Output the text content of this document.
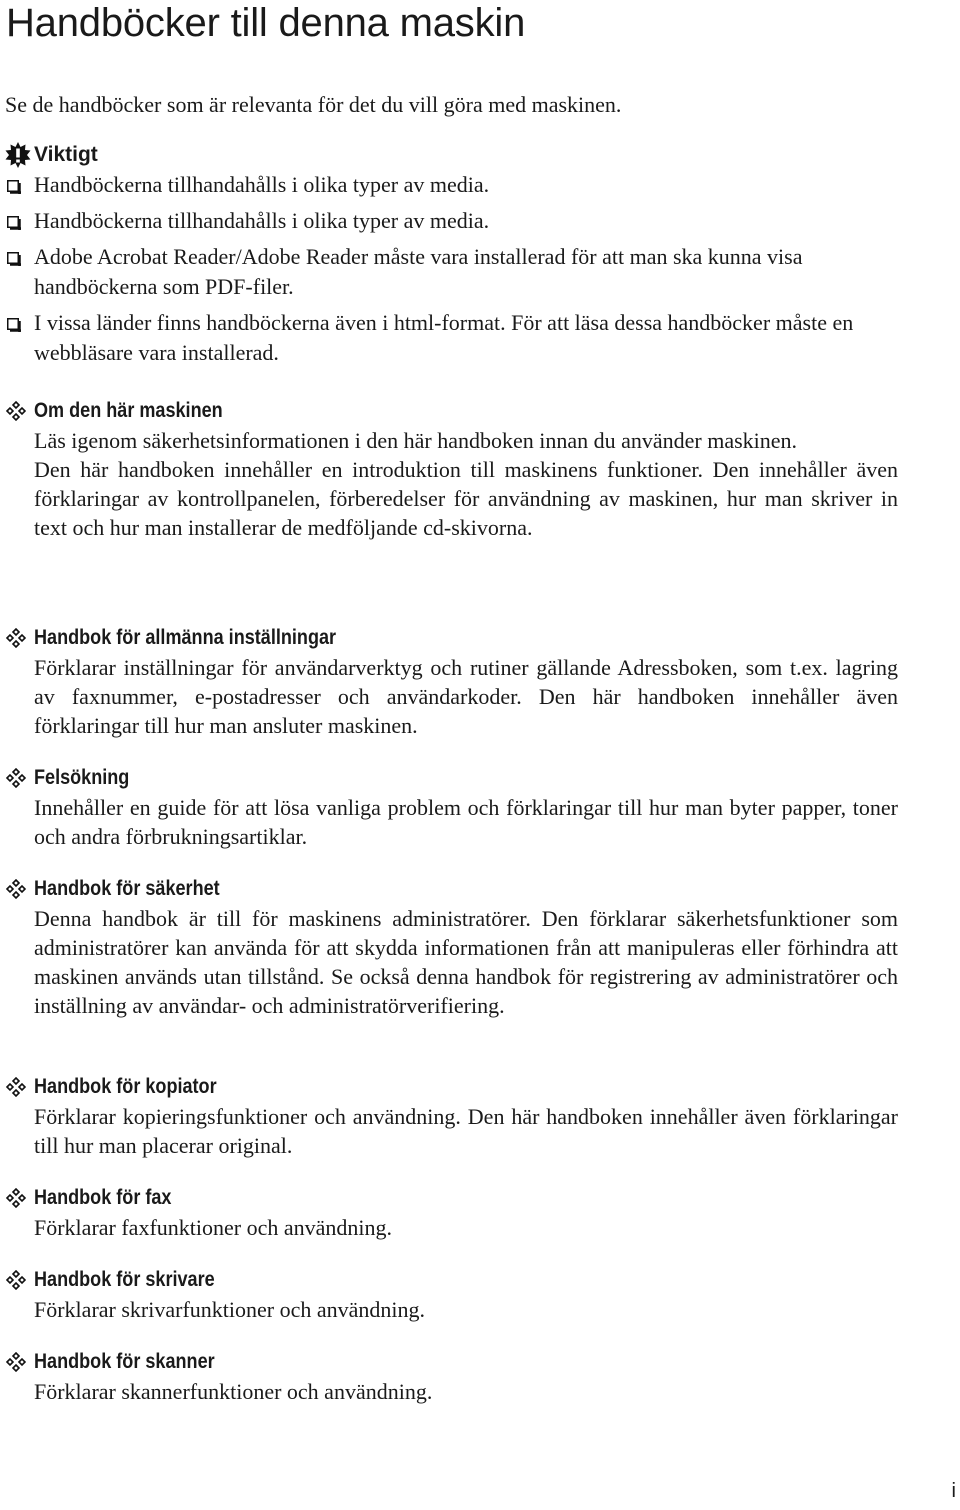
Handböcker till denna maskin
Se de handböcker som är relevanta för det du vill göra med maskinen.
Viktigt
Handböckerna tillhandahålls i olika typer av media.
Handböckerna tillhandahålls i olika typer av media.
Adobe Acrobat Reader/Adobe Reader måste vara installerad för att man ska kunna visa handböckerna som PDF-filer.
I vissa länder finns handböckerna även i html-format. För att läsa dessa handböcker måste en webbläsare vara installerad.
Om den här maskinen

Läs igenom säkerhetsinformationen i den här handboken innan du använder maskinen.

Den här handboken innehåller en introduktion till maskinens funktioner. Den innehåller även förklaringar av kontrollpanelen, förberedelser för användning av maskinen, hur man skriver in text och hur man installerar de medföljande cd-skivorna.

Handbok för allmänna inställningar

Förklarar inställningar för användarverktyg och rutiner gällande Adressboken, som t.ex. lagring av faxnummer, e-postadresser och användarkoder. Den här handboken innehåller även förklaringar till hur man ansluter maskinen.

Felsökning

Innehåller en guide för att lösa vanliga problem och förklaringar till hur man byter papper, toner och andra förbrukningsartiklar.

Handbok för säkerhet

Denna handbok är till för maskinens administratörer. Den förklarar säkerhetsfunktioner som administratörer kan använda för att skydda informationen från att manipuleras eller förhindra att maskinen används utan tillstånd. Se också denna handbok för registrering av administratörer och inställning av användar- och administratörverifiering.

Handbok för kopiator

Förklarar kopieringsfunktioner och användning. Den här handboken innehåller även förklaringar till hur man placerar original.

Handbok för fax

Förklarar faxfunktioner och användning.

Handbok för skrivare

Förklarar skrivarfunktioner och användning.

Handbok för skanner

Förklarar skannerfunktioner och användning.

i
